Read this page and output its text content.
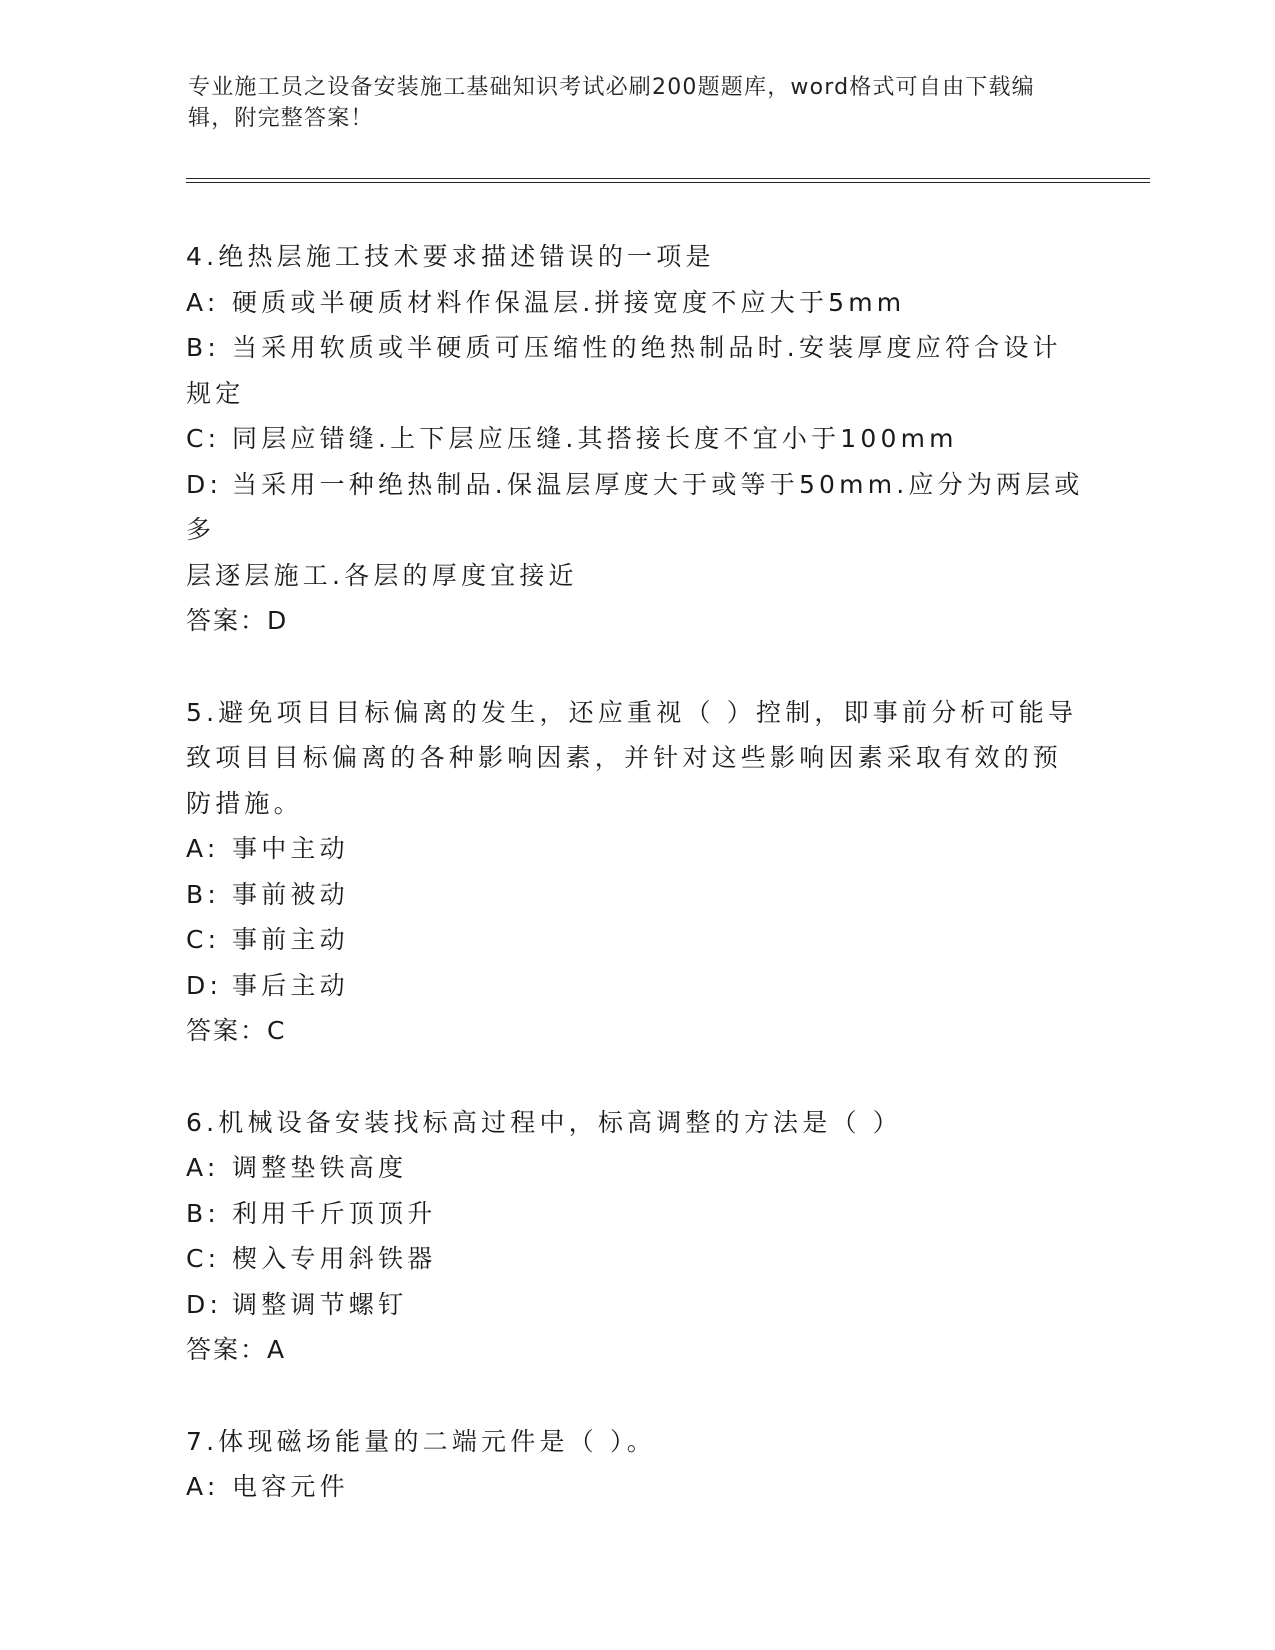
专业施工员之设备安装施工基础知识考试必刷200题题库，word格式可自由下载编辑，附完整答案！
4.绝热层施工技术要求描述错误的一项是
A: 硬质或半硬质材料作保温层.拼接宽度不应大于5mm
B: 当采用软质或半硬质可压缩性的绝热制品时.安装厚度应符合设计
规定
C: 同层应错缝.上下层应压缝.其搭接长度不宜小于100mm
D: 当采用一种绝热制品.保温层厚度大于或等于50mm.应分为两层或多
层逐层施工.各层的厚度宜接近
答案：D
5.避免项目目标偏离的发生，还应重视（ ）控制，即事前分析可能导
致项目目标偏离的各种影响因素，并针对这些影响因素采取有效的预
防措施。
A: 事中主动
B: 事前被动
C: 事前主动
D: 事后主动
答案：C
6.机械设备安装找标高过程中，标高调整的方法是（ ）
A: 调整垫铁高度
B: 利用千斤顶顶升
C: 楔入专用斜铁器
D: 调整调节螺钉
答案：A
7.体现磁场能量的二端元件是（ ）。
A: 电容元件
